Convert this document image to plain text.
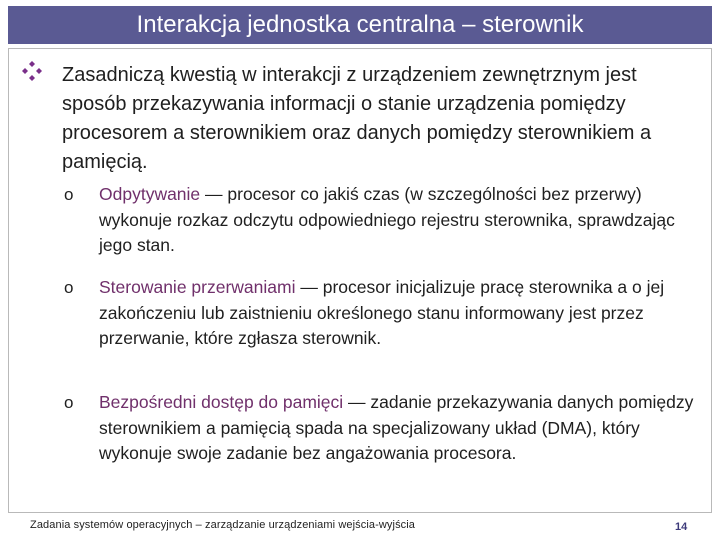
Interakcja jednostka centralna – sterownik
Zasadniczą kwestią w interakcji z urządzeniem zewnętrznym jest sposób przekazywania informacji o stanie urządzenia pomiędzy procesorem a sterownikiem oraz danych pomiędzy sterownikiem a pamięcią.
o Odpytywanie — procesor co jakiś czas (w szczególności bez przerwy) wykonuje rozkaz odczytu odpowiedniego rejestru sterownika, sprawdzając jego stan.
o Sterowanie przerwaniami — procesor inicjalizuje pracę sterownika a o jej zakończeniu lub zaistnieniu określonego stanu informowany jest przez przerwanie, które zgłasza sterownik.
o Bezpośredni dostęp do pamięci — zadanie przekazywania danych pomiędzy sterownikiem a pamięcią spada na specjalizowany układ (DMA), który wykonuje swoje zadanie bez angażowania procesora.
Zadania systemów operacyjnych – zarządzanie urządzeniami wejścia-wyjścia	14
